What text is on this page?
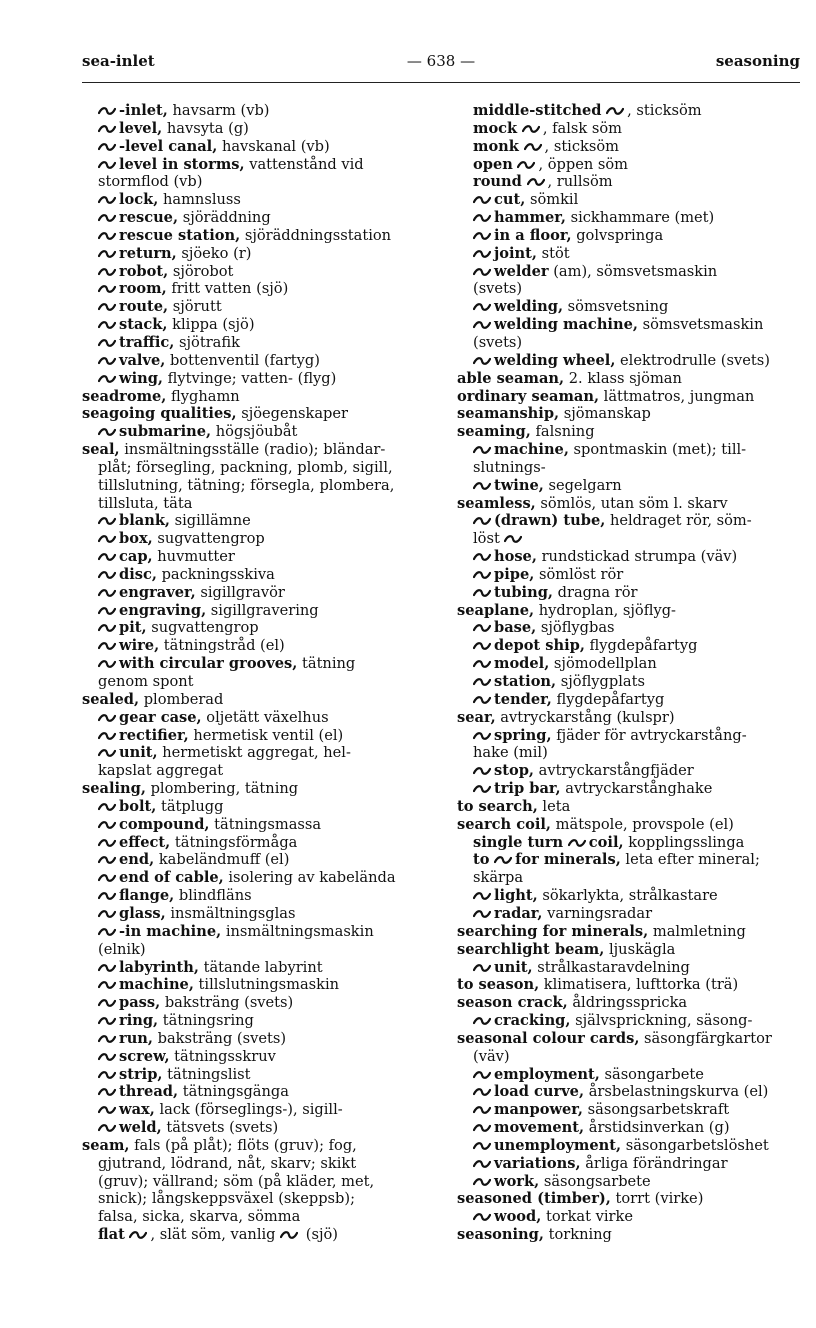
sea-inlet	— 638 —	seasoning
-inlet, havsarm (vb)
level, havsyta (g)
-level canal, havskanal (vb)
level in storms, vattenstånd vid
stormflod (vb)
lock, hamnsluss
rescue, sjöräddning
rescue station, sjöräddningsstation
return, sjöeko (r)
robot, sjörobot
room, fritt vatten (sjö)
route, sjörutt
stack, klippa (sjö)
traffic, sjötrafik
valve, bottenventil (fartyg)
wing, flytvinge; vatten- (flyg)
seadrome, flyghamn
seagoing qualities, sjöegenskaper
submarine, högsjöubåt
seal, insmältningsställe (radio); bländar-
plåt; försegling, packning, plomb, sigill,
tillslutning, tätning; försegla, plombera,
tillsluta, täta
blank, sigillämne
box, sugvattengrop
cap, huvmutter
disc, packningsskiva
engraver, sigillgravör
engraving, sigillgravering
pit, sugvattengrop
wire, tätningstråd (el)
with circular grooves, tätning
genom spont
sealed, plomberad
gear case, oljetätt växelhus
rectifier, hermetisk ventil (el)
unit, hermetiskt aggregat, hel-
kapslat aggregat
sealing, plombering, tätning
bolt, tätplugg
compound, tätningsmassa
effect, tätningsförmåga
end, kabeländmuff (el)
end of cable, isolering av kabelända
flange, blindfläns
glass, insmältningsglas
-in machine, insmältningsmaskin
(elnik)
labyrinth, tätande labyrint
machine, tillslutningsmaskin
pass, baksträng (svets)
ring, tätningsring
run, baksträng (svets)
screw, tätningsskruv
strip, tätningslist
thread, tätningsgänga
wax, lack (förseglings-), sigill-
weld, tätsvets (svets)
seam, fals (på plåt); flöts (gruv); fog,
gjutrand, lödrand, nåt, skarv; skikt
(gruv); vällrand; söm (på kläder, met,
snick); långskeppsväxel (skeppsb);
falsa, sicka, skarva, sömma
flat , slät söm, vanlig  (sjö)
middle-stitched , sticksöm
mock , falsk söm
monk , sticksöm
open , öppen söm
round , rullsöm
cut, sömkil
hammer, sickhammare (met)
in a floor, golvspringa
joint, stöt
welder (am), sömsvetsmaskin
(svets)
welding, sömsvetsning
welding machine, sömsvetsmaskin
(svets)
welding wheel, elektrodrulle (svets)
able seaman, 2. klass sjöman
ordinary seaman, lättmatros, jungman
seamanship, sjömanskap
seaming, falsning
machine, spontmaskin (met); till-
slutnings-
twine, segelgarn
seamless, sömlös, utan söm l. skarv
(drawn) tube, heldraget rör, söm-
löst
hose, rundstickad strumpa (väv)
pipe, sömlöst rör
tubing, dragna rör
seaplane, hydroplan, sjöflyg-
base, sjöflygbas
depot ship, flygdepåfartyg
model, sjömodellplan
station, sjöflygplats
tender, flygdepåfartyg
sear, avtryckarstång (kulspr)
spring, fjäder för avtryckarstång-
hake (mil)
stop, avtryckarstångfjäder
trip bar, avtryckarstånghake
to search, leta
search coil, mätspole, provspole (el)
single turn coil, kopplingsslinga
to for minerals, leta efter mineral;
skärpa
light, sökarlykta, strålkastare
radar, varningsradar
searching for minerals, malmletning
searchlight beam, ljuskägla
unit, strålkastaravdelning
to season, klimatisera, lufttorka (trä)
season crack, åldringsspricka
cracking, självsprickning, säsong-
seasonal colour cards, säsongfärgkartor
(väv)
employment, säsongarbete
load curve, årsbelastningskurva (el)
manpower, säsongsarbetskraft
movement, årstidsinverkan (g)
unemployment, säsongarbetslöshet
variations, årliga förändringar
work, säsongsarbete
seasoned (timber), torrt (virke)
wood, torkat virke
seasoning, torkning
